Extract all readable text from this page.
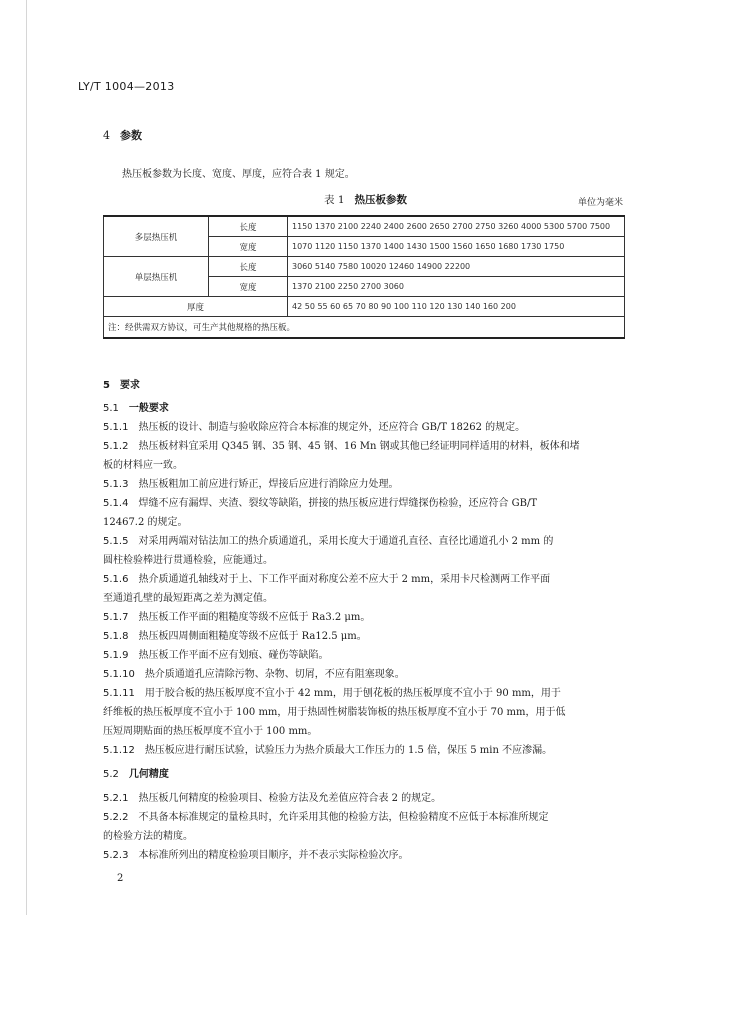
LY/T 1004—2013
4 参数
热压板参数为长度、宽度、厚度，应符合表 1 规定。
表 1 热压板参数	单位为毫米
多层热压机	长度	1150 1370 2100 2240 2400 2600 2650 2700 2750 3260 4000 5300 5700 7500
	宽度	1070 1120 1150 1370 1400 1430 1500 1560 1650 1680 1730 1750
单层热压机	长度	3060 5140 7580 10020 12460 14900 22200
	宽度	1370 2100 2250 2700 3060
厚度		42 50 55 60 65 70 80 90 100 110 120 130 140 160 200
注：经供需双方协议，可生产其他规格的热压板。		
5 要求
5.1 一般要求
5.1.1 热压板的设计、制造与验收除应符合本标准的规定外，还应符合 GB/T 18262 的规定。
5.1.2 热压板材料宜采用 Q345 钢、35 钢、45 钢、16 Mn 钢或其他已经证明同样适用的材料，板体和堵
板的材料应一致。
5.1.3 热压板粗加工前应进行矫正，焊接后应进行消除应力处理。
5.1.4 焊缝不应有漏焊、夹渣、裂纹等缺陷，拼接的热压板应进行焊缝探伤检验，还应符合 GB/T
12467.2 的规定。
5.1.5 对采用两端对钻法加工的热介质通道孔，采用长度大于通道孔直径、直径比通道孔小 2 mm 的
圆柱检验棒进行贯通检验，应能通过。
5.1.6 热介质通道孔轴线对于上、下工作平面对称度公差不应大于 2 mm，采用卡尺检测两工作平面
至通道孔壁的最短距离之差为测定值。
5.1.7 热压板工作平面的粗糙度等级不应低于 Ra3.2 μm。
5.1.8 热压板四周侧面粗糙度等级不应低于 Ra12.5 μm。
5.1.9 热压板工作平面不应有划痕、碰伤等缺陷。
5.1.10 热介质通道孔应清除污物、杂物、切屑，不应有阻塞现象。
5.1.11 用于胶合板的热压板厚度不宜小于 42 mm，用于刨花板的热压板厚度不宜小于 90 mm，用于
纤维板的热压板厚度不宜小于 100 mm，用于热固性树脂装饰板的热压板厚度不宜小于 70 mm，用于低
压短周期贴面的热压板厚度不宜小于 100 mm。
5.1.12 热压板应进行耐压试验，试验压力为热介质最大工作压力的 1.5 倍，保压 5 min 不应渗漏。
5.2 几何精度
5.2.1 热压板几何精度的检验项目、检验方法及允差值应符合表 2 的规定。
5.2.2 不具备本标准规定的量检具时，允许采用其他的检验方法，但检验精度不应低于本标准所规定
的检验方法的精度。
5.2.3 本标准所列出的精度检验项目顺序，并不表示实际检验次序。
2
